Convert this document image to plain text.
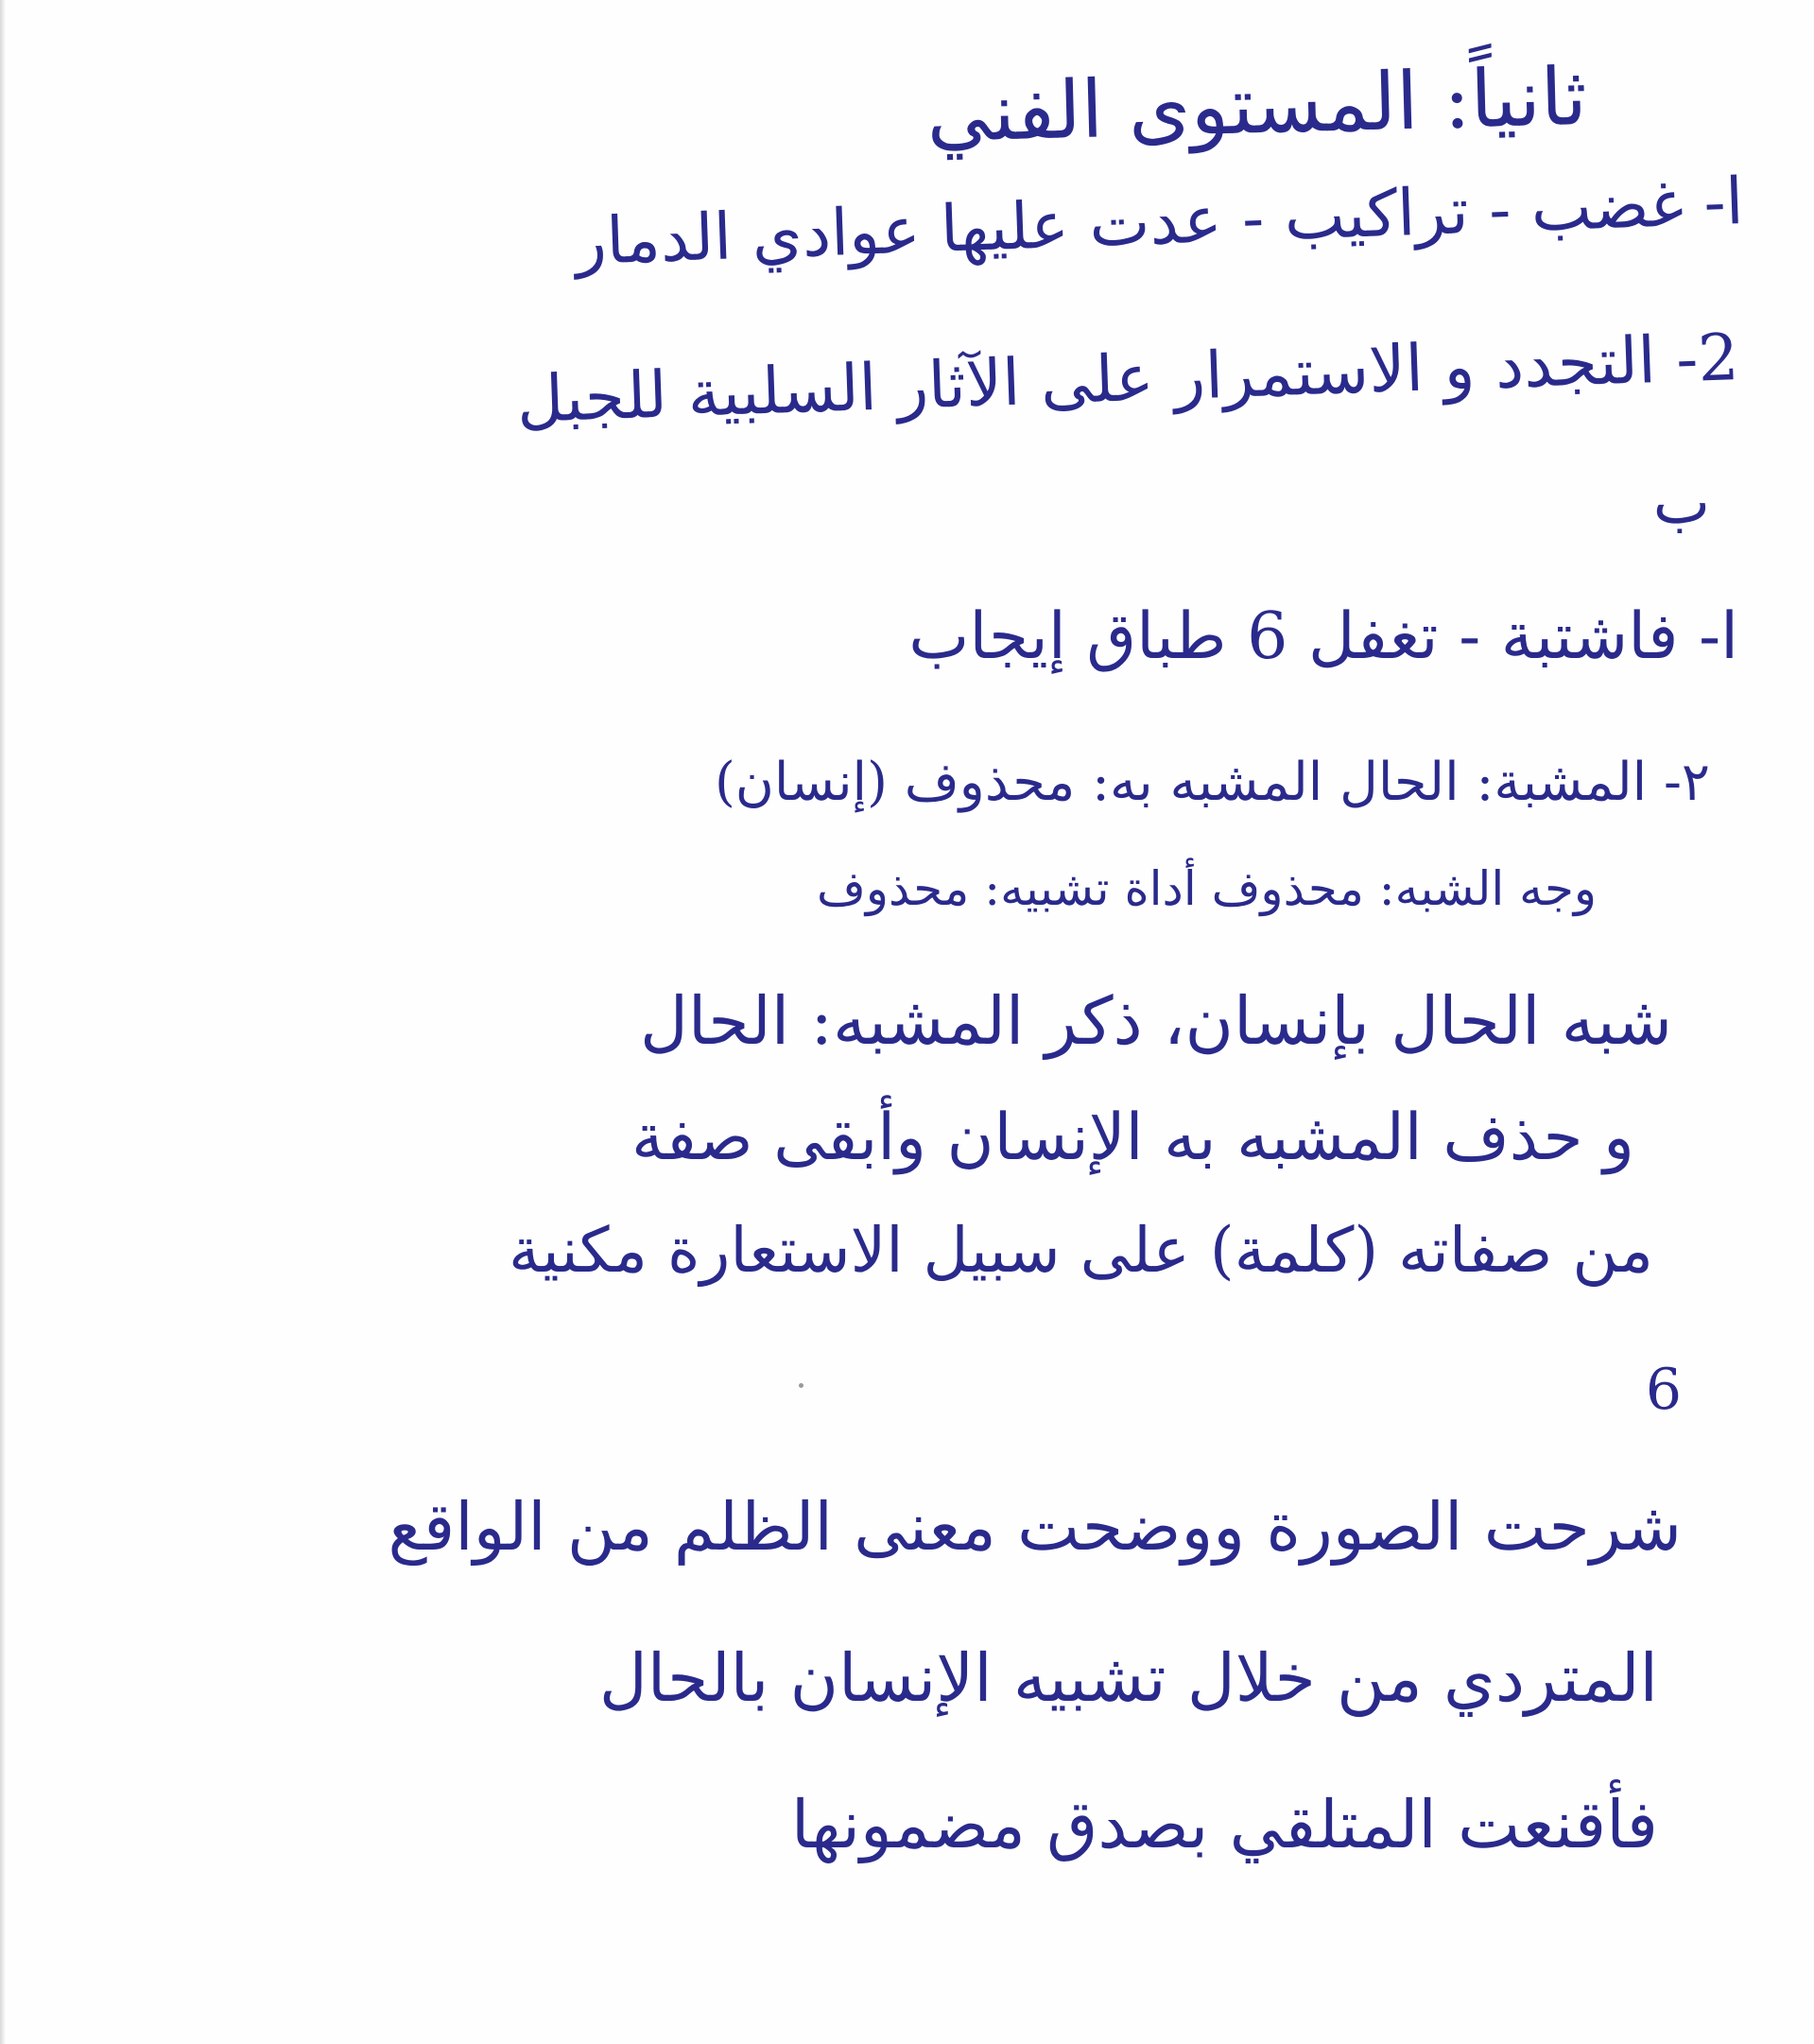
ثانياً: المستوى الفني
ا- غضب - تراكيب - عدت عليها عوادي الدمار
2- التجدد و الاستمرار على الآثار السلبية للجبل
ب
ا- فاشتبة - تغفل 6 طباق إيجاب
٢- المشبة: الحال المشبه به: محذوف (إنسان)
وجه الشبه: محذوف أداة تشبيه: محذوف
شبه الحال بإنسان، ذكر المشبه: الحال
و حذف المشبه به الإنسان وأبقى صفة
من صفاته (كلمة) على سبيل الاستعارة مكنية
6
شرحت الصورة ووضحت معنى الظلم من الواقع
المتردي من خلال تشبيه الإنسان بالحال
فأقنعت المتلقي بصدق مضمونها
